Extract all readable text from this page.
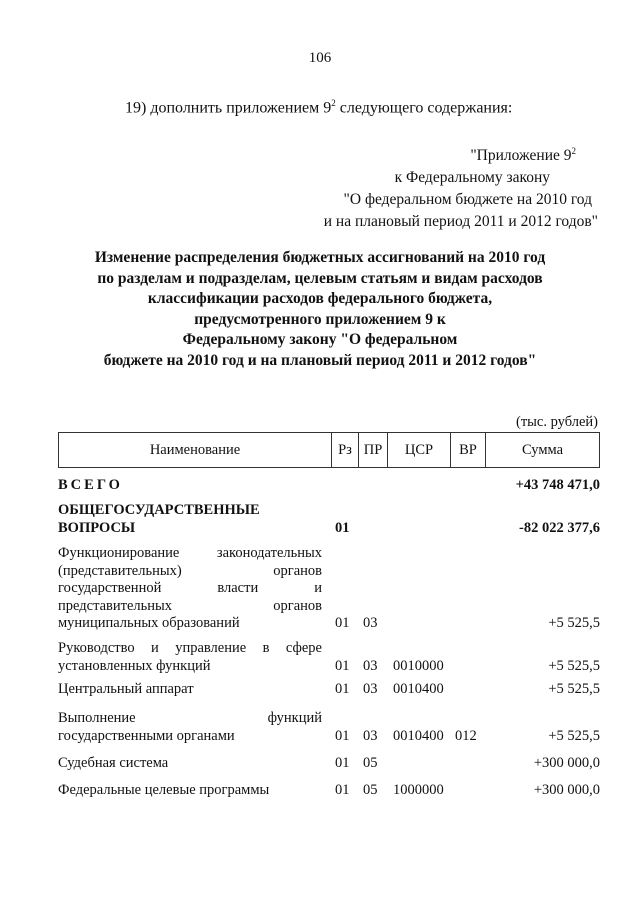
106
19) дополнить приложением $9^2$ следующего содержания:
"Приложение $9^2$
к Федеральному закону
"О федеральном бюджете на 2010 год
и на плановый период 2011 и 2012 годов"
Изменение распределения бюджетных ассигнований на 2010 год
по разделам и подразделам, целевым статьям и видам расходов
классификации расходов федерального бюджета,
предусмотренного приложением 9 к
Федеральному закону "О федеральном
бюджете на 2010 год и на плановый период 2011 и 2012 годов"
(тыс. рублей)
Наименование	Рз	ПР	ЦСР	ВР	Сумма
ВСЕГО	+43 748 471,0
ОБЩЕГОСУДАРСТВЕННЫЕ
ВОПРОСЫ	01	-82 022 377,6
Функционирование законодательных
(представительных) органов
государственной власти и
представительных органов
муниципальных образований	01 03	+5 525,5
Руководство и управление в сфере
установленных функций	01 03 0010000	+5 525,5
Центральный аппарат	01 03 0010400	+5 525,5
Выполнение функций
государственными органами	01 03 0010400 012	+5 525,5
Судебная система	01 05	+300 000,0
Федеральные целевые программы	01 05 1000000	+300 000,0
